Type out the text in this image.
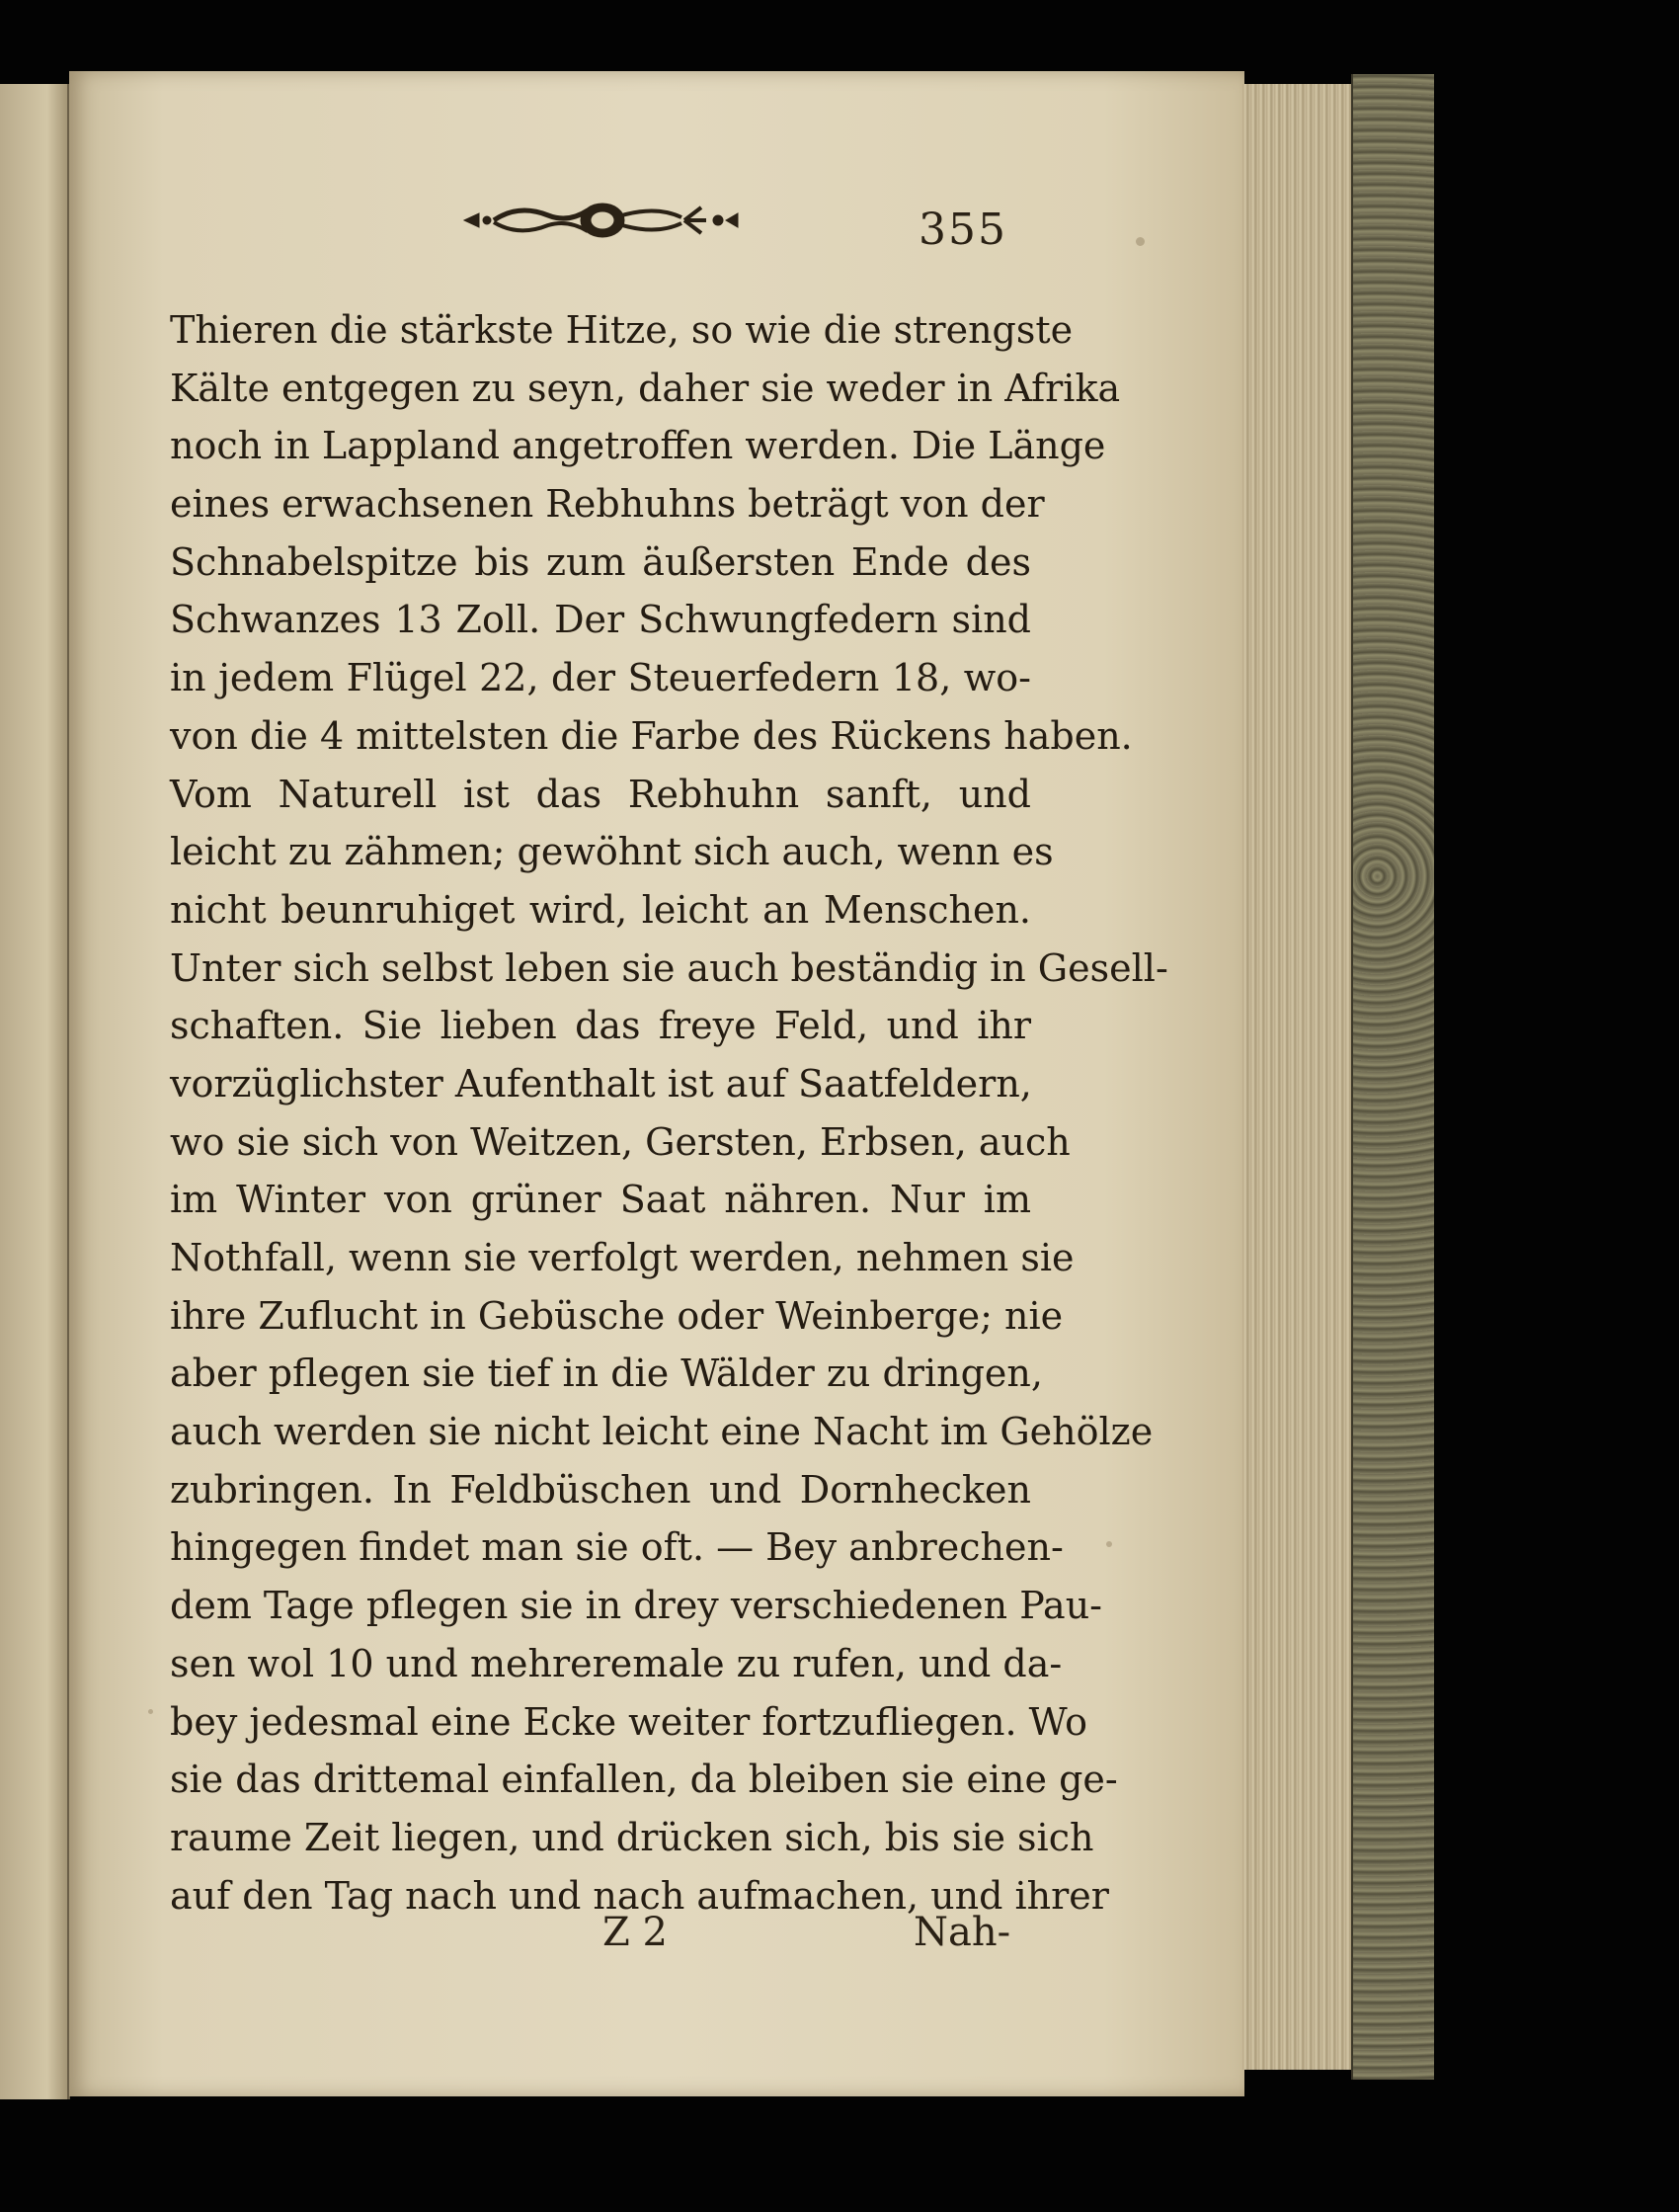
355
Thieren die stärkste Hitze, so wie die strengste
Kälte entgegen zu seyn, daher sie weder in Afrika
noch in Lappland angetroffen werden. Die Länge
eines erwachsenen Rebhuhns beträgt von der
Schnabelspitze bis zum äußersten Ende des
Schwanzes 13 Zoll. Der Schwungfedern sind
in jedem Flügel 22, der Steuerfedern 18, wo-
von die 4 mittelsten die Farbe des Rückens haben.
Vom Naturell ist das Rebhuhn sanft, und
leicht zu zähmen; gewöhnt sich auch, wenn es
nicht beunruhiget wird, leicht an Menschen.
Unter sich selbst leben sie auch beständig in Gesell-
schaften. Sie lieben das freye Feld, und ihr
vorzüglichster Aufenthalt ist auf Saatfeldern,
wo sie sich von Weitzen, Gersten, Erbsen, auch
im Winter von grüner Saat nähren. Nur im
Nothfall, wenn sie verfolgt werden, nehmen sie
ihre Zuflucht in Gebüsche oder Weinberge; nie
aber pflegen sie tief in die Wälder zu dringen,
auch werden sie nicht leicht eine Nacht im Gehölze
zubringen. In Feldbüschen und Dornhecken
hingegen findet man sie oft. — Bey anbrechen-
dem Tage pflegen sie in drey verschiedenen Pau-
sen wol 10 und mehreremale zu rufen, und da-
bey jedesmal eine Ecke weiter fortzufliegen. Wo
sie das drittemal einfallen, da bleiben sie eine ge-
raume Zeit liegen, und drücken sich, bis sie sich
auf den Tag nach und nach aufmachen, und ihrer
Z 2	Nah-
